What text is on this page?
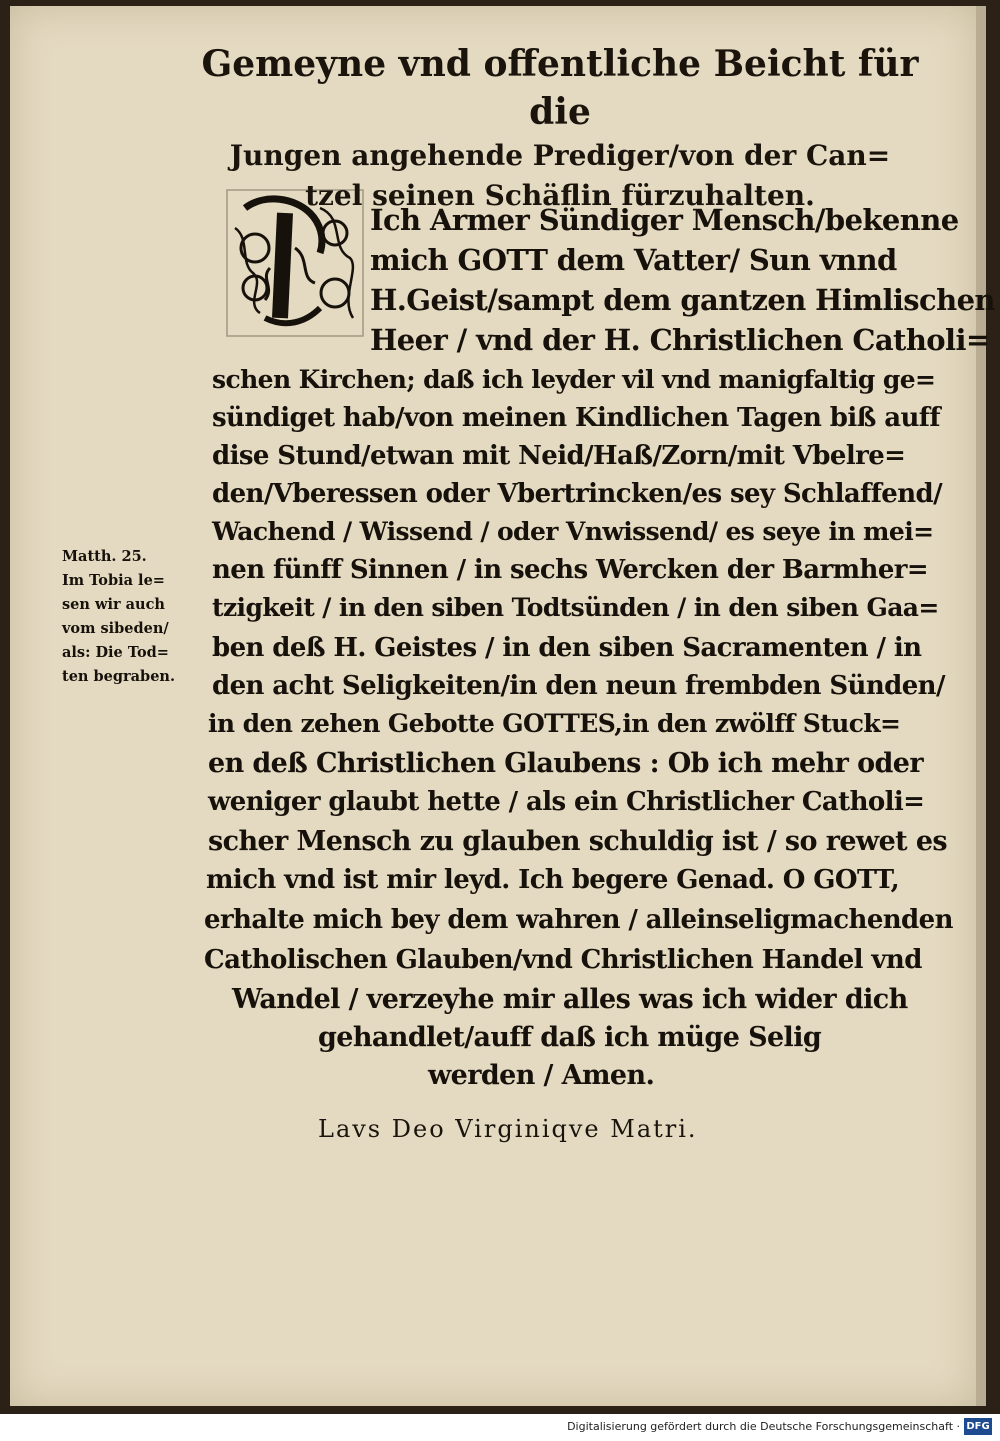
Gemeyne vnd offentliche Beicht für die
Jungen angehende Prediger/von der Can=
tzel seinen Schäflin fürzuhalten.
Ich Armer Sündiger Mensch/bekenne
mich GOTT dem Vatter/ Sun vnnd
H.Geist/sampt dem gantzen Himlischen
Heer / vnd der H. Christlichen Catholi=
schen Kirchen; daß ich leyder vil vnd manigfaltig ge=
sündiget hab/von meinen Kindlichen Tagen biß auff
dise Stund/etwan mit Neid/Haß/Zorn/mit Vbelre=
den/Vberessen oder Vbertrincken/es sey Schlaffend/
Wachend / Wissend / oder Vnwissend/ es seye in mei=
nen fünff Sinnen / in sechs Wercken der Barmher=
tzigkeit / in den siben Todtsünden / in den siben Gaa=
ben deß H. Geistes / in den siben Sacramenten / in
den acht Seligkeiten/in den neun frembden Sünden/
in den zehen Gebotte GOTTES,in den zwölff Stuck=
en deß Christlichen Glaubens : Ob ich mehr oder
weniger glaubt hette / als ein Christlicher Catholi=
scher Mensch zu glauben schuldig ist / so rewet es
mich vnd ist mir leyd. Ich begere Genad. O GOTT,
erhalte mich bey dem wahren / alleinseligmachenden
Catholischen Glauben/vnd Christlichen Handel vnd
Wandel / verzeyhe mir alles was ich wider dich
gehandlet/auff daß ich müge Selig
werden / Amen.
Matth. 25.
Im Tobia le=
sen wir auch
vom sibeden/
als: Die Tod=
ten begraben.
Lavs Deo Virginiqve Matri.
Digitalisierung gefördert durch die Deutsche Forschungsgemeinschaft · DFG
